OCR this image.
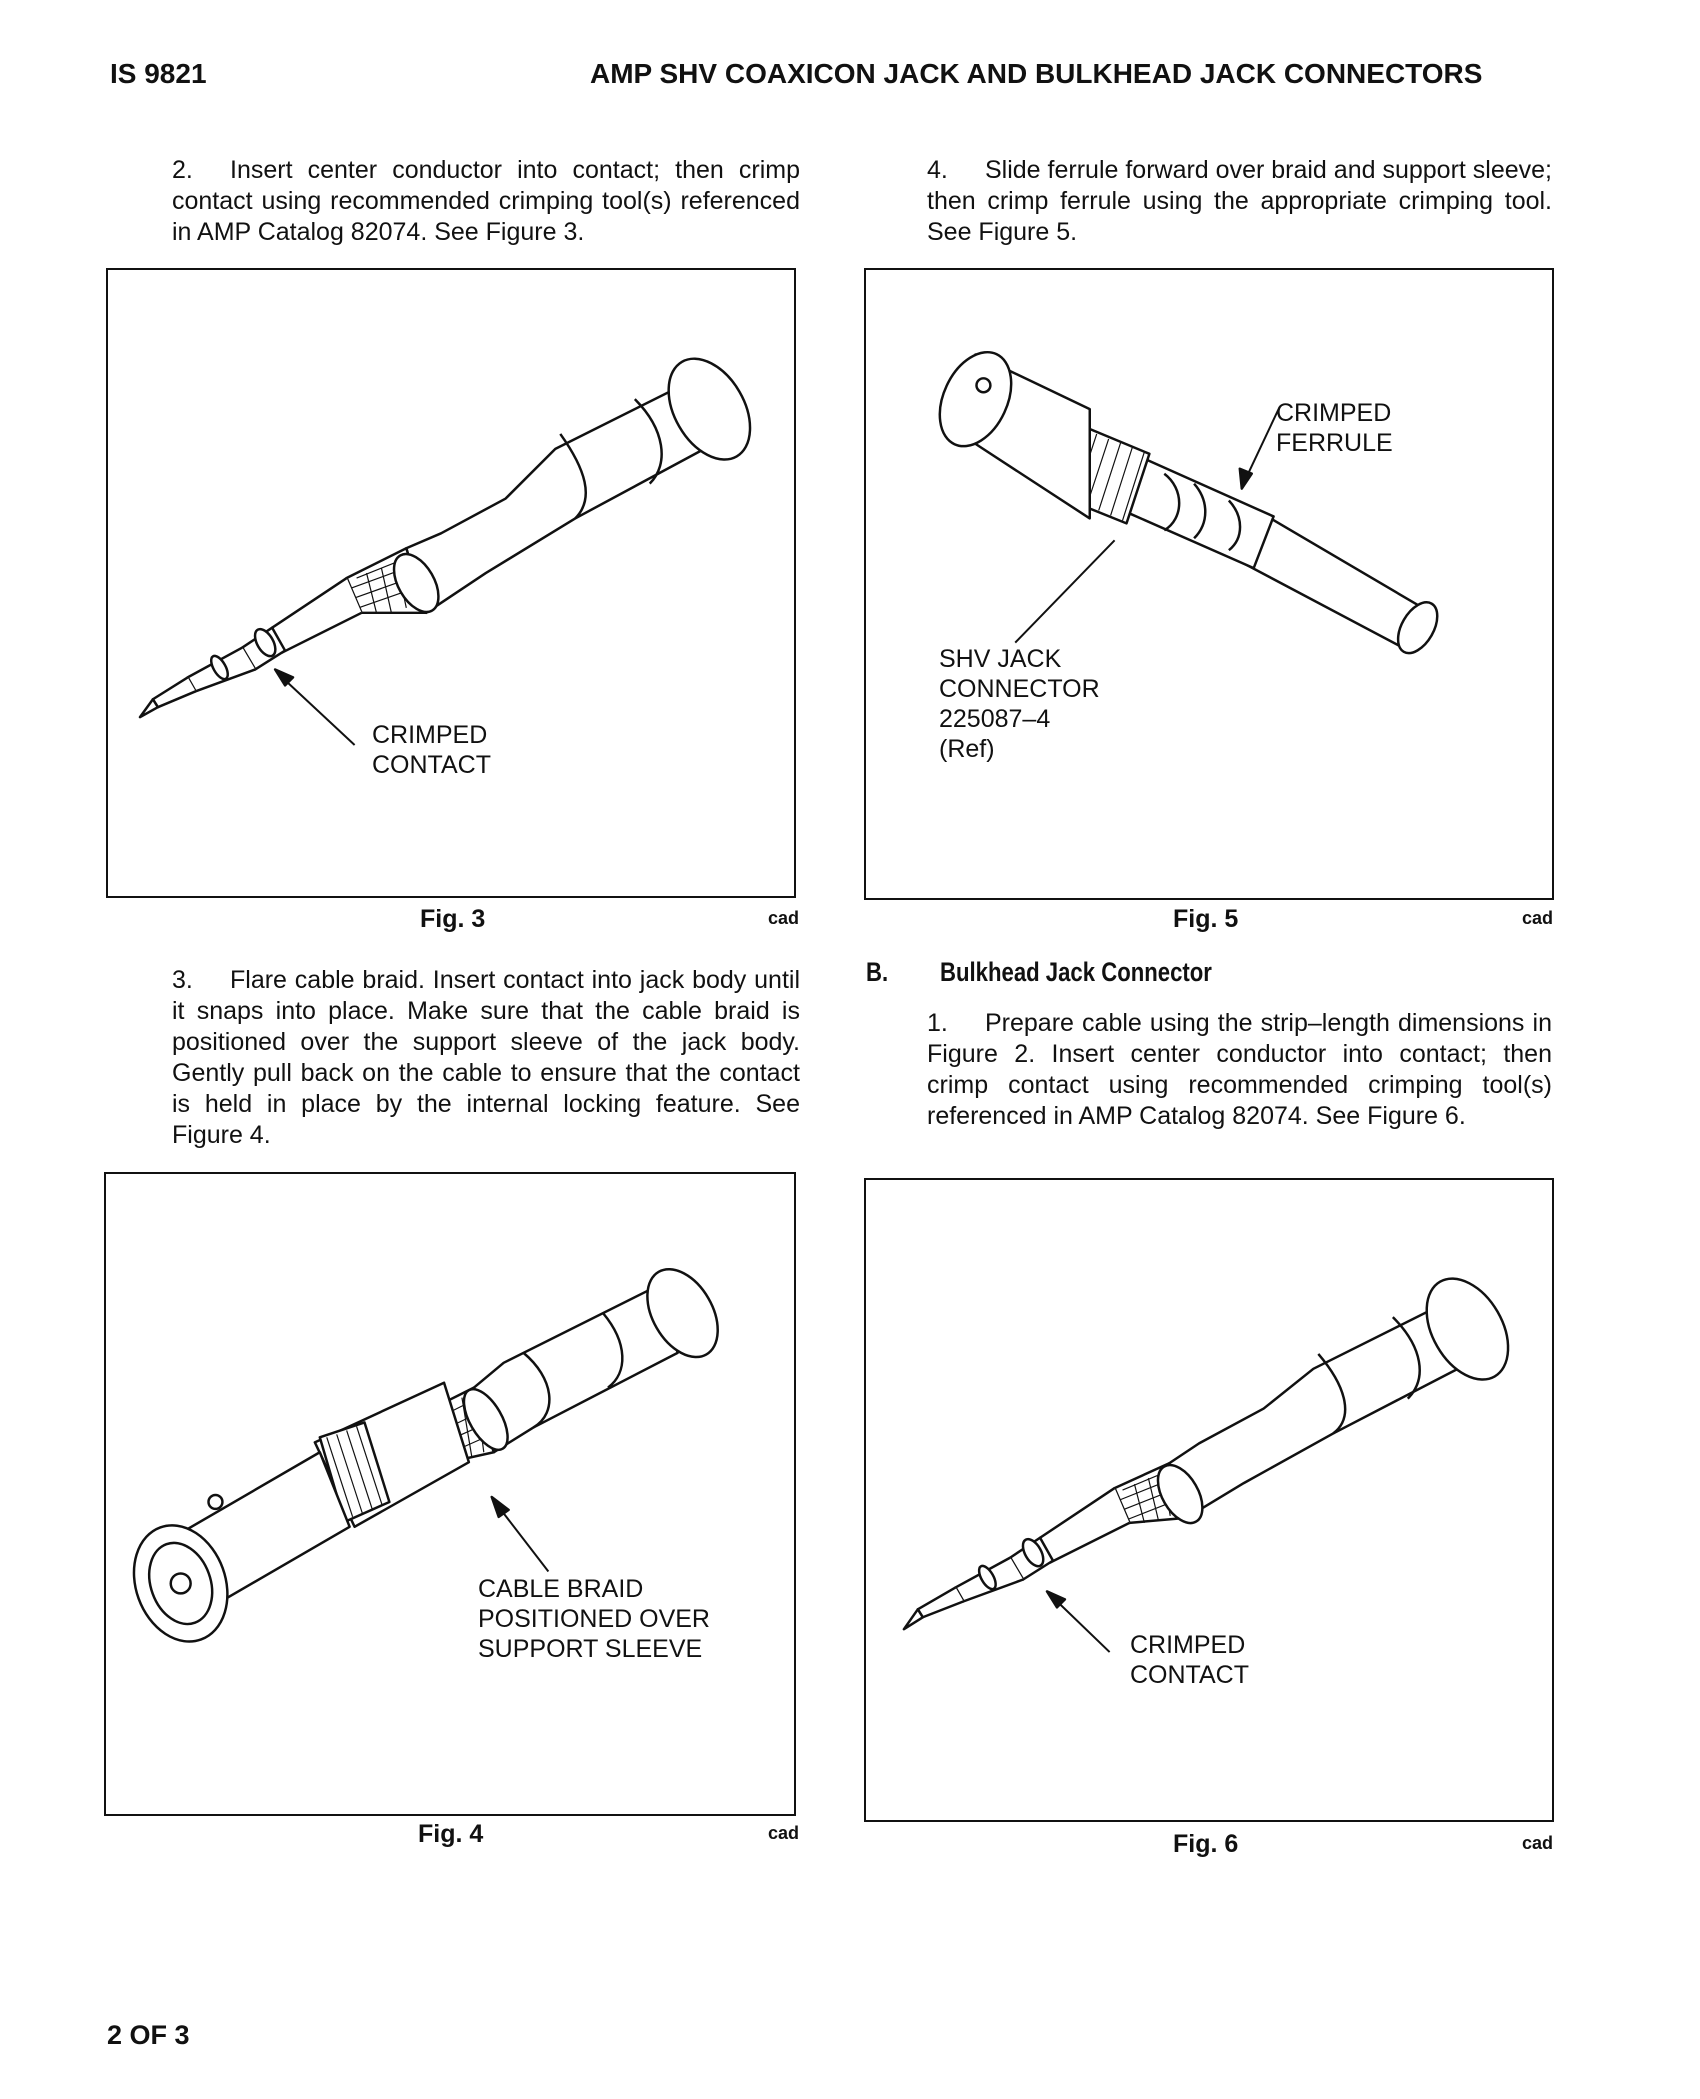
IS 9821	AMP SHV COAXICON JACK AND BULKHEAD JACK CONNECTORS
2. Insert center conductor into contact; then crimp contact using recommended crimping tool(s) referenced in AMP Catalog 82074. See Figure 3.
4. Slide ferrule forward over braid and support sleeve; then crimp ferrule using the appropriate crimping tool. See Figure 5.
CRIMPED
CONTACT
Fig. 3	cad
CRIMPED
FERRULE
SHV JACK
CONNECTOR
225087–4
(Ref)
Fig. 5	cad
3. Flare cable braid. Insert contact into jack body until it snaps into place. Make sure that the cable braid is positioned over the support sleeve of the jack body. Gently pull back on the cable to ensure that the contact is held in place by the internal locking feature. See Figure 4.
B. Bulkhead Jack Connector
1. Prepare cable using the strip–length dimensions in Figure 2. Insert center conductor into contact; then crimp contact using recommended crimping tool(s) referenced in AMP Catalog 82074. See Figure 6.
CABLE BRAID
POSITIONED OVER
SUPPORT SLEEVE
Fig. 4	cad
CRIMPED
CONTACT
Fig. 6	cad
2 OF 3
